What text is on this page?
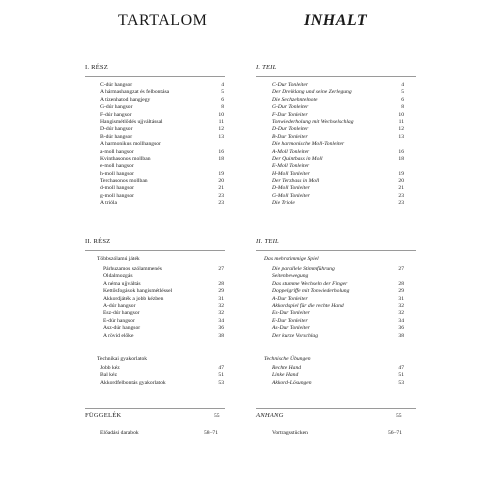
TARTALOM	INHALT
I. RÉSZ
C-dúr hangsor	4
A hármashangzat és felbontása	5
A tizenhatod hangjegy	6
G-dúr hangsor	8
F-dúr hangsor	10
Hangismétlődés ujjváltással	11
D-dúr hangsor	12
B-dúr hangsor	13
A harmonikus mollhangsor
a-moll hangsor	16
Kvinthasonos mollban	18
e-moll hangsor
h-moll hangsor	19
Terchasonos mollban	20
d-moll hangsor	21
g-moll hangsor	23
A trióla	23
II. RÉSZ
Többszólamú játék
Párhuzamos szólammenés	27
Oldalmozgás
A néma ujjváltás	28
Kettősfogások hangismétléssel	29
Akkordjáték a jobb kézben	31
A-dúr hangsor	32
Esz-dúr hangsor	32
E-dúr hangsor	34
Asz-dúr hangsor	36
A rövid előke	38
Technikai gyakorlatok
Jobb kéz	47
Bal kéz	51
Akkordfelbontás gyakorlatok	53
FÜGGELÉK	55
Előadási darabok	58–71
I. TEIL
C-Dur Tonleiter	4
Der Dreiklang und seine Zerlegung	5
Die Sechzehntelnote	6
G-Dur Tonleiter	8
F-Dur Tonleiter	10
Tonwiederholung mit Wechselschlag	11
D-Dur Tonleiter	12
B-Dur Tonleiter	13
Die harmonische Moll-Tonleiter
A-Moll Tonleiter	16
Der Quintbass in Moll	18
E-Moll Tonleiter
H-Moll Tonleiter	19
Der Terzbass in Moll	20
D-Moll Tonleiter	21
G-Moll Tonleiter	23
Die Triole	23
II. TEIL
Das mehrstimmige Spiel
Die parallele Stimmführung	27
Seitenbewegung
Das stumme Wechseln der Finger	28
Doppelgriffe mit Tonwiederholung	29
A-Dur Tonleiter	31
Akkordspiel für die rechte Hand	32
Es-Dur Tonleiter	32
E-Dur Tonleiter	34
As-Dur Tonleiter	36
Der kurze Vorschlag	38
Technische Übungen
Rechte Hand	47
Linke Hand	51
Akkord-Lösungen	53
ANHANG	55
Vortragsstücken	56–71
